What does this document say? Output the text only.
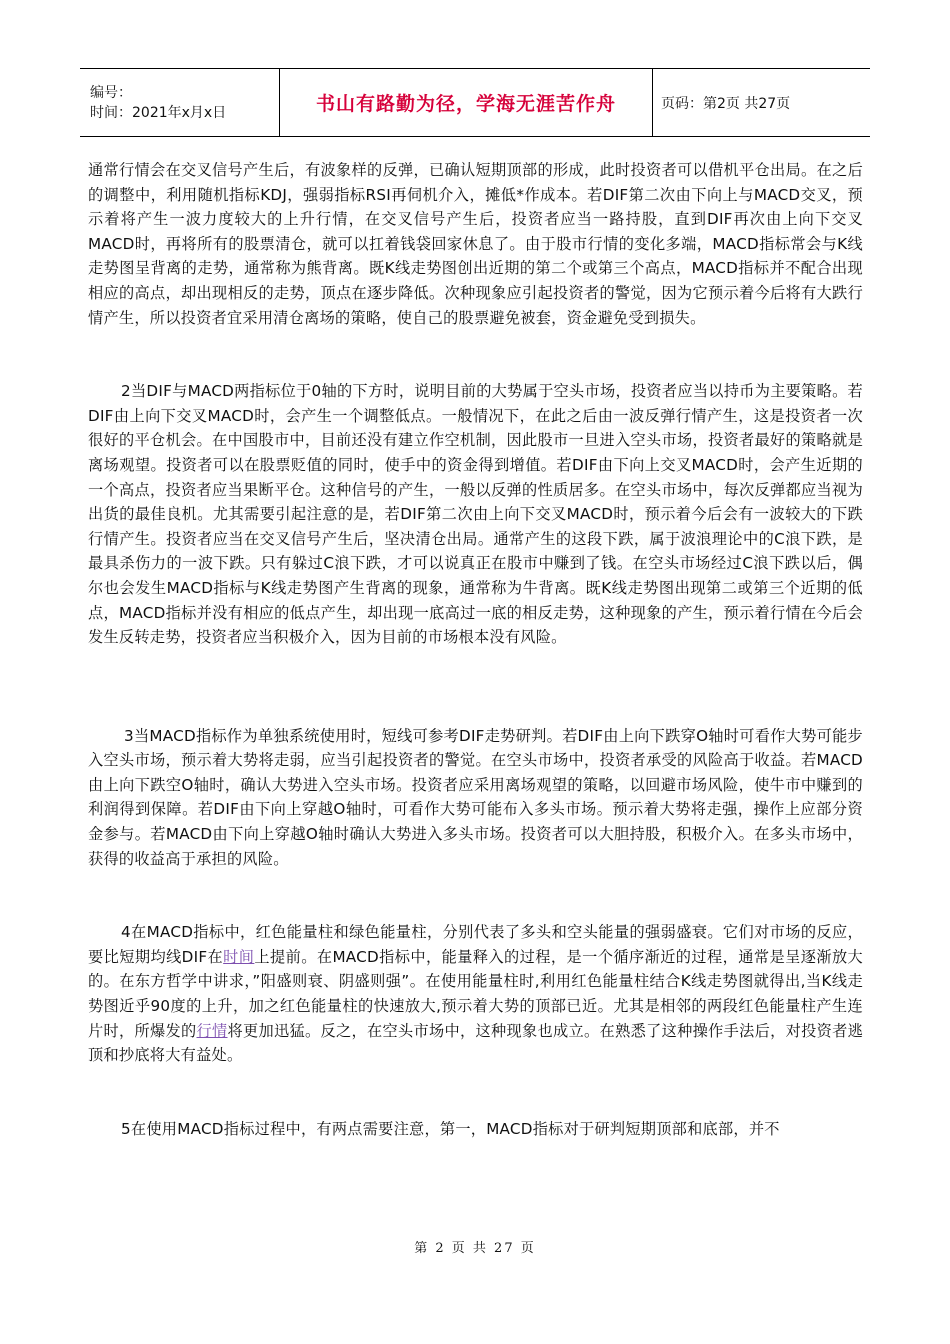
编号：
时间：2021年x月x日	书山有路勤为径，学海无涯苦作舟	页码：第2页 共27页

通常行情会在交叉信号产生后，有波象样的反弹，已确认短期顶部的形成，此时投资者可以借机平仓出局。在之后的调整中，利用随机指标KDJ，强弱指标RSI再伺机介入，摊低*作成本。若DIF第二次由下向上与MACD交叉，预示着将产生一波力度较大的上升行情，在交叉信号产生后，投资者应当一路持股，直到DIF再次由上向下交叉MACD时，再将所有的股票清仓，就可以扛着钱袋回家休息了。由于股市行情的变化多端，MACD指标常会与K线走势图呈背离的走势，通常称为熊背离。既K线走势图创出近期的第二个或第三个高点，MACD指标并不配合出现相应的高点，却出现相反的走势，顶点在逐步降低。次种现象应引起投资者的警觉，因为它预示着今后将有大跌行情产生，所以投资者宜采用清仓离场的策略，使自己的股票避免被套，资金避免受到损失。

2当DIF与MACD两指标位于0轴的下方时，说明目前的大势属于空头市场，投资者应当以持币为主要策略。若DIF由上向下交叉MACD时，会产生一个调整低点。一般情况下，在此之后由一波反弹行情产生，这是投资者一次很好的平仓机会。在中国股市中，目前还没有建立作空机制，因此股市一旦进入空头市场，投资者最好的策略就是离场观望。投资者可以在股票贬值的同时，使手中的资金得到增值。若DIF由下向上交叉MACD时，会产生近期的一个高点，投资者应当果断平仓。这种信号的产生，一般以反弹的性质居多。在空头市场中，每次反弹都应当视为出货的最佳良机。尤其需要引起注意的是，若DIF第二次由上向下交叉MACD时，预示着今后会有一波较大的下跌行情产生。投资者应当在交叉信号产生后，坚决清仓出局。通常产生的这段下跌，属于波浪理论中的C浪下跌，是最具杀伤力的一波下跌。只有躲过C浪下跌，才可以说真正在股市中赚到了钱。在空头市场经过C浪下跌以后，偶尔也会发生MACD指标与K线走势图产生背离的现象，通常称为牛背离。既K线走势图出现第二或第三个近期的低点，MACD指标并没有相应的低点产生，却出现一底高过一底的相反走势，这种现象的产生，预示着行情在今后会发生反转走势，投资者应当积极介入，因为目前的市场根本没有风险。

3当MACD指标作为单独系统使用时，短线可参考DIF走势研判。若DIF由上向下跌穿O轴时可看作大势可能步入空头市场，预示着大势将走弱，应当引起投资者的警觉。在空头市场中，投资者承受的风险高于收益。若MACD由上向下跌空O轴时，确认大势进入空头市场。投资者应采用离场观望的策略，以回避市场风险，使牛市中赚到的利润得到保障。若DIF由下向上穿越O轴时，可看作大势可能布入多头市场。预示着大势将走强，操作上应部分资金参与。若MACD由下向上穿越O轴时确认大势进入多头市场。投资者可以大胆持股，积极介入。在多头市场中，获得的收益高于承担的风险。

4在MACD指标中，红色能量柱和绿色能量柱，分别代表了多头和空头能量的强弱盛衰。它们对市场的反应，要比短期均线DIF在时间上提前。在MACD指标中，能量释入的过程，是一个循序渐近的过程，通常是呈逐渐放大的。在东方哲学中讲求，”阳盛则衰、阴盛则强”。在使用能量柱时,利用红色能量柱结合K线走势图就得出,当K线走势图近乎90度的上升，加之红色能量柱的快速放大,预示着大势的顶部已近。尤其是相邻的两段红色能量柱产生连片时，所爆发的行情将更加迅猛。反之，在空头市场中，这种现象也成立。在熟悉了这种操作手法后，对投资者逃顶和抄底将大有益处。

5在使用MACD指标过程中，有两点需要注意，第一，MACD指标对于研判短期顶部和底部，并不

第 2 页 共 27 页
